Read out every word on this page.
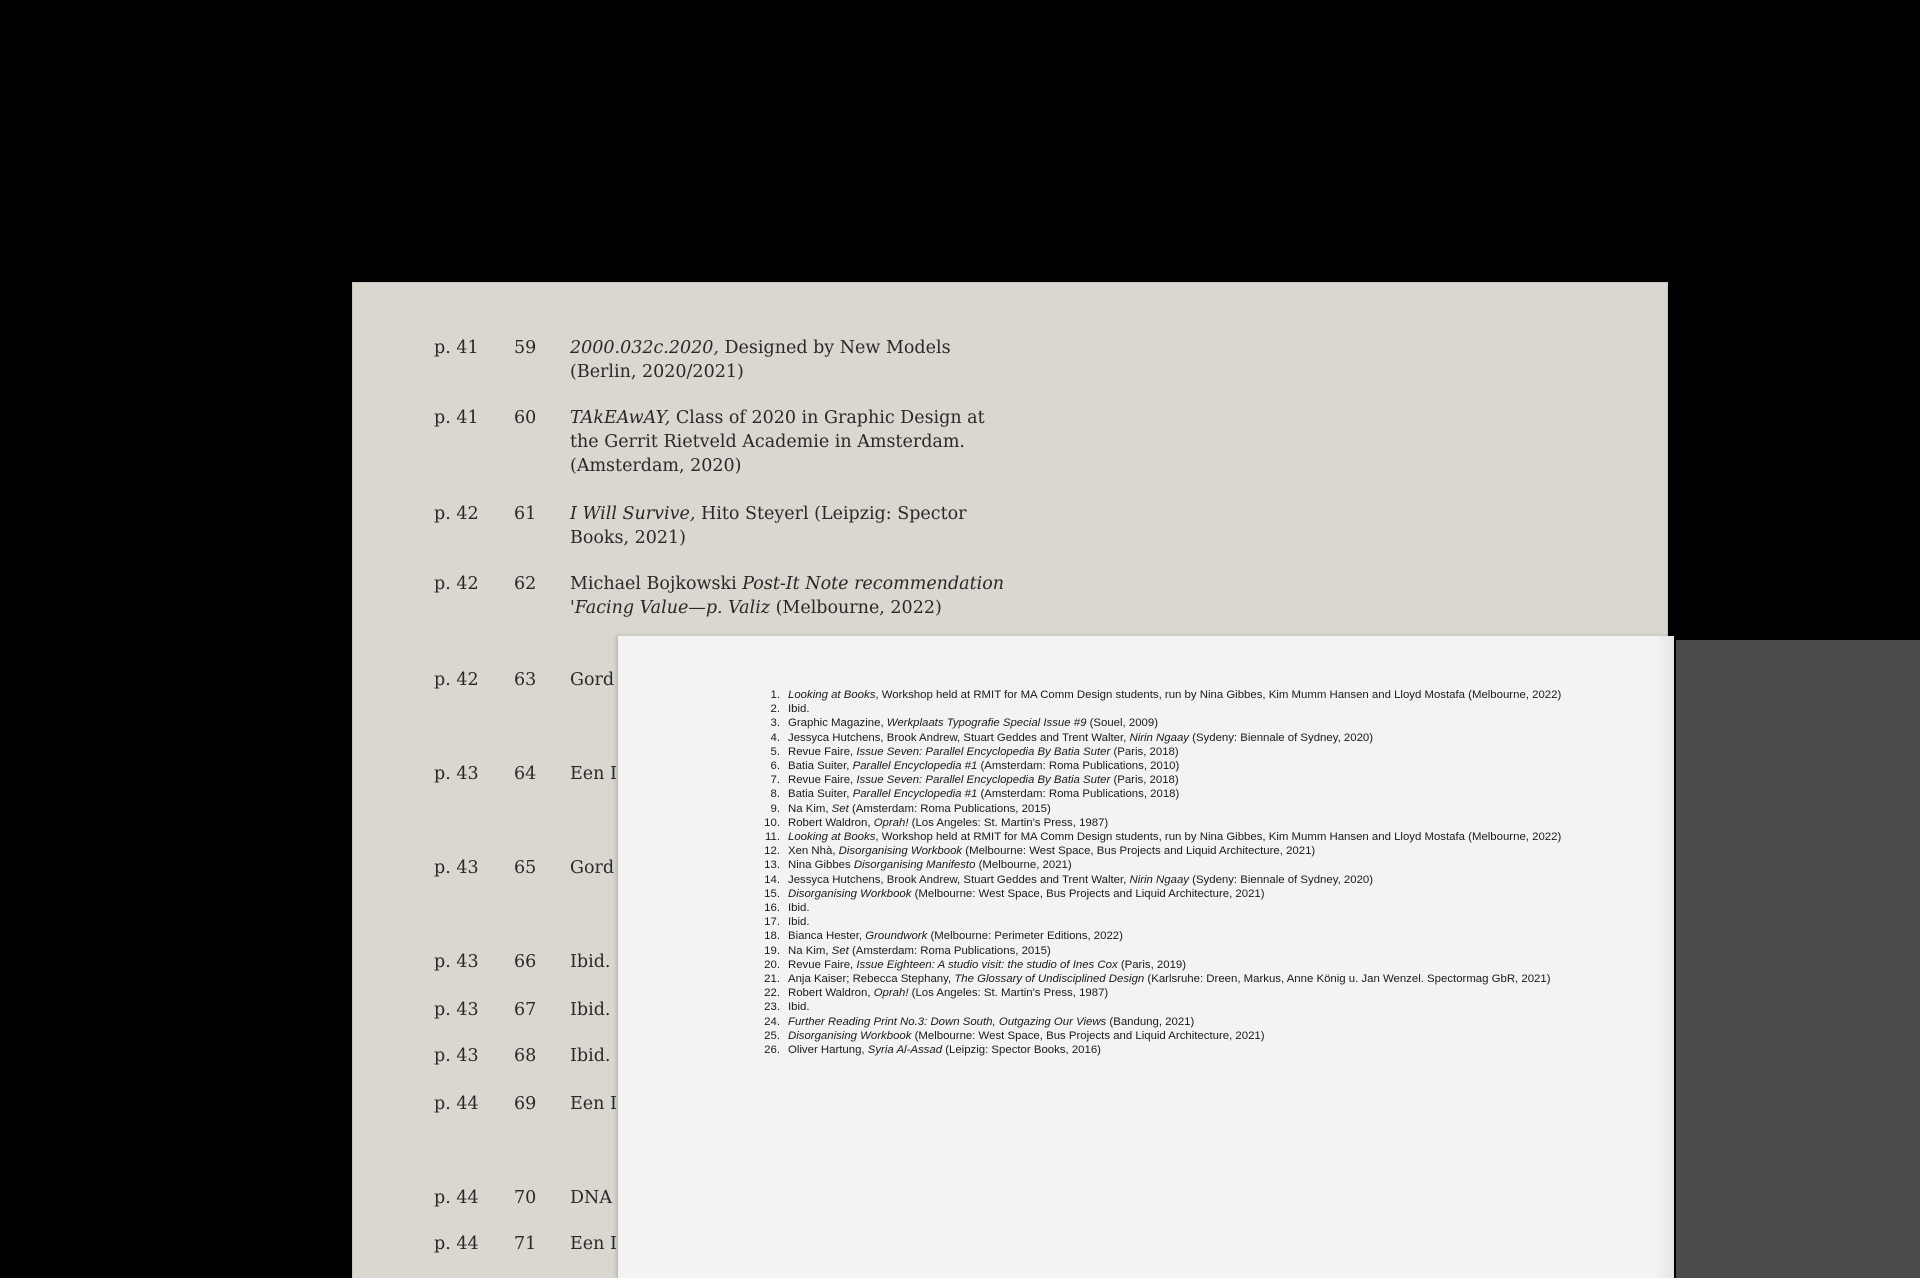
p. 41 59 2000.032c.2020, Designed by New Models (Berlin, 2020/2021)
p. 41 60 TAkEAwAY, Class of 2020 in Graphic Design at the Gerrit Rietveld Academie in Amsterdam. (Amsterdam, 2020)
p. 42 61 I Will Survive, Hito Steyerl (Leipzig: Spector Books, 2021)
p. 42 62 Michael Bojkowski Post-It Note recommendation 'Facing Value—p. Valiz (Melbourne, 2022)
p. 42 63 Gord
p. 43 64 Een I
p. 43 65 Gord
p. 43 66 Ibid.
p. 43 67 Ibid.
p. 43 68 Ibid.
p. 44 69 Een I
p. 44 70 DNA
p. 44 71 Een I
1. Looking at Books, Workshop held at RMIT for MA Comm Design students, run by Nina Gibbes, Kim Mumm Hansen and Lloyd Mostafa (Melbourne, 2022)
2. Ibid.
3. Graphic Magazine, Werkplaats Typografie Special Issue #9 (Souel, 2009)
4. Jessyca Hutchens, Brook Andrew, Stuart Geddes and Trent Walter, Nirin Ngaay (Sydeny: Biennale of Sydney, 2020)
5. Revue Faire, Issue Seven: Parallel Encyclopedia By Batia Suter (Paris, 2018)
6. Batia Suiter, Parallel Encyclopedia #1 (Amsterdam: Roma Publications, 2010)
7. Revue Faire, Issue Seven: Parallel Encyclopedia By Batia Suter (Paris, 2018)
8. Batia Suiter, Parallel Encyclopedia #1 (Amsterdam: Roma Publications, 2018)
9. Na Kim, Set (Amsterdam: Roma Publications, 2015)
10. Robert Waldron, Oprah! (Los Angeles: St. Martin's Press, 1987)
11. Looking at Books, Workshop held at RMIT for MA Comm Design students, run by Nina Gibbes, Kim Mumm Hansen and Lloyd Mostafa (Melbourne, 2022)
12. Xen Nhà, Disorganising Workbook (Melbourne: West Space, Bus Projects and Liquid Architecture, 2021)
13. Nina Gibbes Disorganising Manifesto (Melbourne, 2021)
14. Jessyca Hutchens, Brook Andrew, Stuart Geddes and Trent Walter, Nirin Ngaay (Sydeny: Biennale of Sydney, 2020)
15. Disorganising Workbook (Melbourne: West Space, Bus Projects and Liquid Architecture, 2021)
16. Ibid.
17. Ibid.
18. Bianca Hester, Groundwork (Melbourne: Perimeter Editions, 2022)
19. Na Kim, Set (Amsterdam: Roma Publications, 2015)
20. Revue Faire, Issue Eighteen: A studio visit: the studio of Ines Cox (Paris, 2019)
21. Anja Kaiser; Rebecca Stephany, The Glossary of Undisciplined Design (Karlsruhe: Dreen, Markus, Anne König u. Jan Wenzel. Spectormag GbR, 2021)
22. Robert Waldron, Oprah! (Los Angeles: St. Martin's Press, 1987)
23. Ibid.
24. Further Reading Print No.3: Down South, Outgazing Our Views (Bandung, 2021)
25. Disorganising Workbook (Melbourne: West Space, Bus Projects and Liquid Architecture, 2021)
26. Oliver Hartung, Syria Al-Assad (Leipzig: Spector Books, 2016)
